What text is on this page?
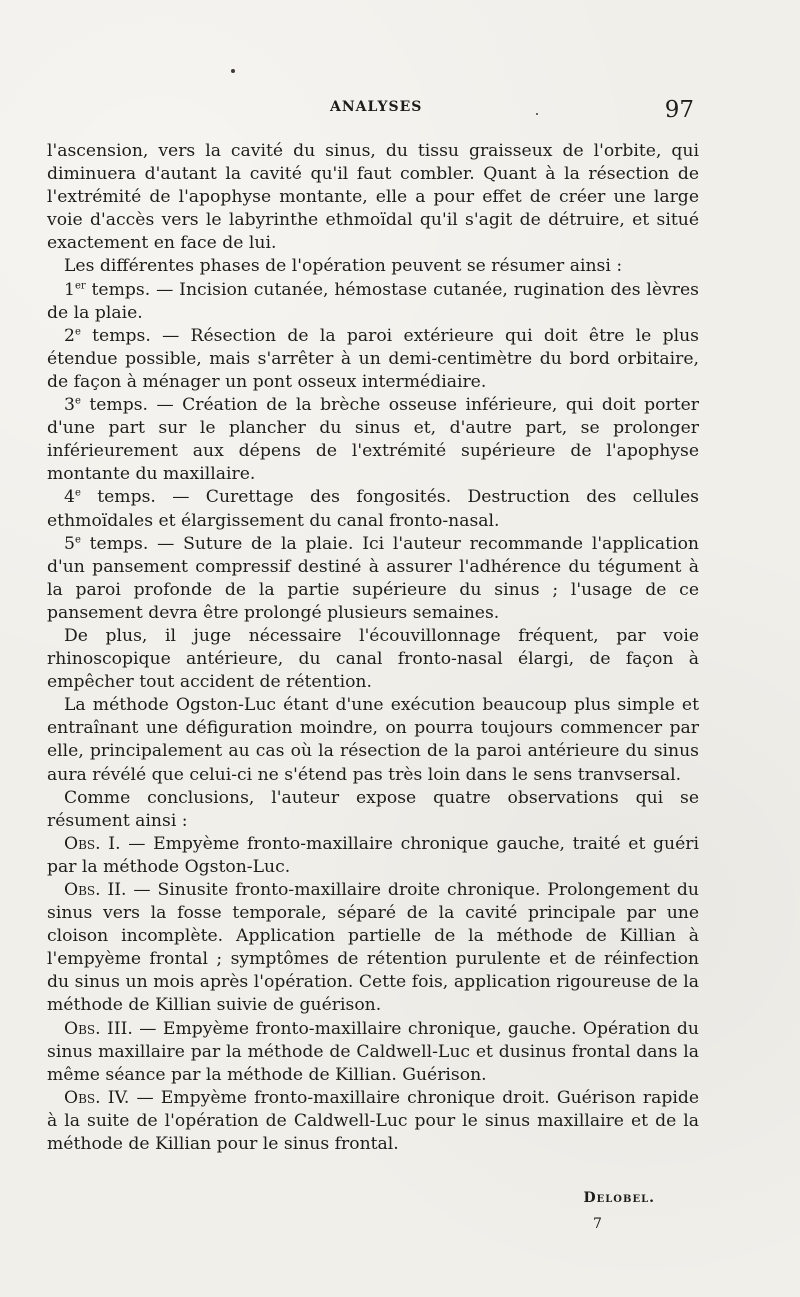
ANALYSES	97

l'ascension, vers la cavité du sinus, du tissu graisseux de l'orbite, qui diminuera d'autant la cavité qu'il faut combler. Quant à la résection de l'extrémité de l'apophyse montante, elle a pour effet de créer une large voie d'accès vers le labyrinthe ethmoïdal qu'il s'agit de détruire, et situé exactement en face de lui.

Les différentes phases de l'opération peuvent se résumer ainsi :

1er temps. — Incision cutanée, hémostase cutanée, rugination des lèvres de la plaie.

2e temps. — Résection de la paroi extérieure qui doit être le plus étendue possible, mais s'arrêter à un demi-centimètre du bord orbitaire, de façon à ménager un pont osseux intermédiaire.

3e temps. — Création de la brèche osseuse inférieure, qui doit porter d'une part sur le plancher du sinus et, d'autre part, se prolonger inférieurement aux dépens de l'extrémité supérieure de l'apophyse montante du maxillaire.

4e temps. — Curettage des fongosités. Destruction des cellules ethmoïdales et élargissement du canal fronto-nasal.

5e temps. — Suture de la plaie. Ici l'auteur recommande l'application d'un pansement compressif destiné à assurer l'adhérence du tégument à la paroi profonde de la partie supérieure du sinus ; l'usage de ce pansement devra être prolongé plusieurs semaines.

De plus, il juge nécessaire l'écouvillonnage fréquent, par voie rhinoscopique antérieure, du canal fronto-nasal élargi, de façon à empêcher tout accident de rétention.

La méthode Ogston-Luc étant d'une exécution beaucoup plus simple et entraînant une défiguration moindre, on pourra toujours commencer par elle, principalement au cas où la résection de la paroi antérieure du sinus aura révélé que celui-ci ne s'étend pas très loin dans le sens tranvsersal.

Comme conclusions, l'auteur expose quatre observations qui se résument ainsi :

Obs. I. — Empyème fronto-maxillaire chronique gauche, traité et guéri par la méthode Ogston-Luc.

Obs. II. — Sinusite fronto-maxillaire droite chronique. Prolongement du sinus vers la fosse temporale, séparé de la cavité principale par une cloison incomplète. Application partielle de la méthode de Killian à l'empyème frontal ; symptômes de rétention purulente et de réinfection du sinus un mois après l'opération. Cette fois, application rigoureuse de la méthode de Killian suivie de guérison.

Obs. III. — Empyème fronto-maxillaire chronique, gauche. Opération du sinus maxillaire par la méthode de Caldwell-Luc et dusinus frontal dans la même séance par la méthode de Killian. Guérison.

Obs. IV. — Empyème fronto-maxillaire chronique droit. Guérison rapide à la suite de l'opération de Caldwell-Luc pour le sinus maxillaire et de la méthode de Killian pour le sinus frontal.

Delobel.
7
